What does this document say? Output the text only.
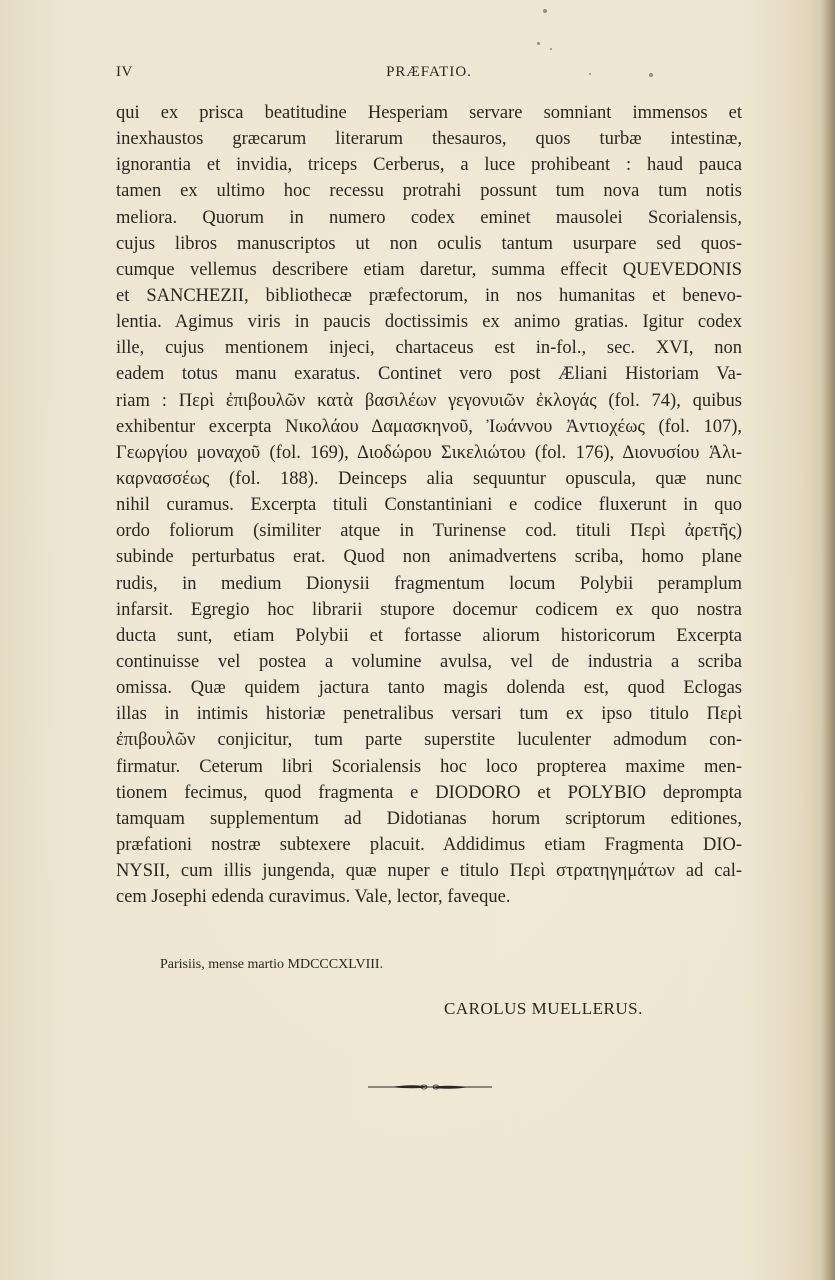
IV	PRÆFATIO.
qui ex prisca beatitudine Hesperiam servare somniant immensos et
inexhaustos græcarum literarum thesauros, quos turbæ intestinæ,
ignorantia et invidia, triceps Cerberus, a luce prohibeant : haud pauca
tamen ex ultimo hoc recessu protrahi possunt tum nova tum notis
meliora. Quorum in numero codex eminet mausolei Scorialensis,
cujus libros manuscriptos ut non oculis tantum usurpare sed quos-
cumque vellemus describere etiam daretur, summa effecit QUEVEDONIS
et SANCHEZII, bibliothecæ præfectorum, in nos humanitas et benevo-
lentia. Agimus viris in paucis doctissimis ex animo gratias. Igitur codex
ille, cujus mentionem injeci, chartaceus est in-fol., sec. XVI, non
eadem totus manu exaratus. Continet vero post Æliani Historiam Va-
riam : Περὶ ἐπιβουλῶν κατὰ βασιλέων γεγονυιῶν ἐκλογάς (fol. 74), quibus
exhibentur excerpta Νικολάου Δαμασκηνοῦ, Ἰωάννου Ἀντιοχέως (fol. 107),
Γεωργίου μοναχοῦ (fol. 169), Διοδώρου Σικελιώτου (fol. 176), Διονυσίου Ἁλι-
καρνασσέως (fol. 188). Deinceps alia sequuntur opuscula, quæ nunc
nihil curamus. Excerpta tituli Constantiniani e codice fluxerunt in quo
ordo foliorum (similiter atque in Turinense cod. tituli Περὶ ἀρετῆς)
subinde perturbatus erat. Quod non animadvertens scriba, homo plane
rudis, in medium Dionysii fragmentum locum Polybii peramplum
infarsit. Egregio hoc librarii stupore docemur codicem ex quo nostra
ducta sunt, etiam Polybii et fortasse aliorum historicorum Excerpta
continuisse vel postea a volumine avulsa, vel de industria a scriba
omissa. Quæ quidem jactura tanto magis dolenda est, quod Eclogas
illas in intimis historiæ penetralibus versari tum ex ipso titulo Περὶ
ἐπιβουλῶν conjicitur, tum parte superstite luculenter admodum con-
firmatur. Ceterum libri Scorialensis hoc loco propterea maxime men-
tionem fecimus, quod fragmenta e DIODORO et POLYBIO deprompta
tamquam supplementum ad Didotianas horum scriptorum editiones,
præfationi nostræ subtexere placuit. Addidimus etiam Fragmenta DIO-
NYSII, cum illis jungenda, quæ nuper e titulo Περὶ στρατηγημάτων ad cal-
cem Josephi edenda curavimus. Vale, lector, faveque.
Parisiis, mense martio MDCCCXLVIII.
CAROLUS MUELLERUS.
